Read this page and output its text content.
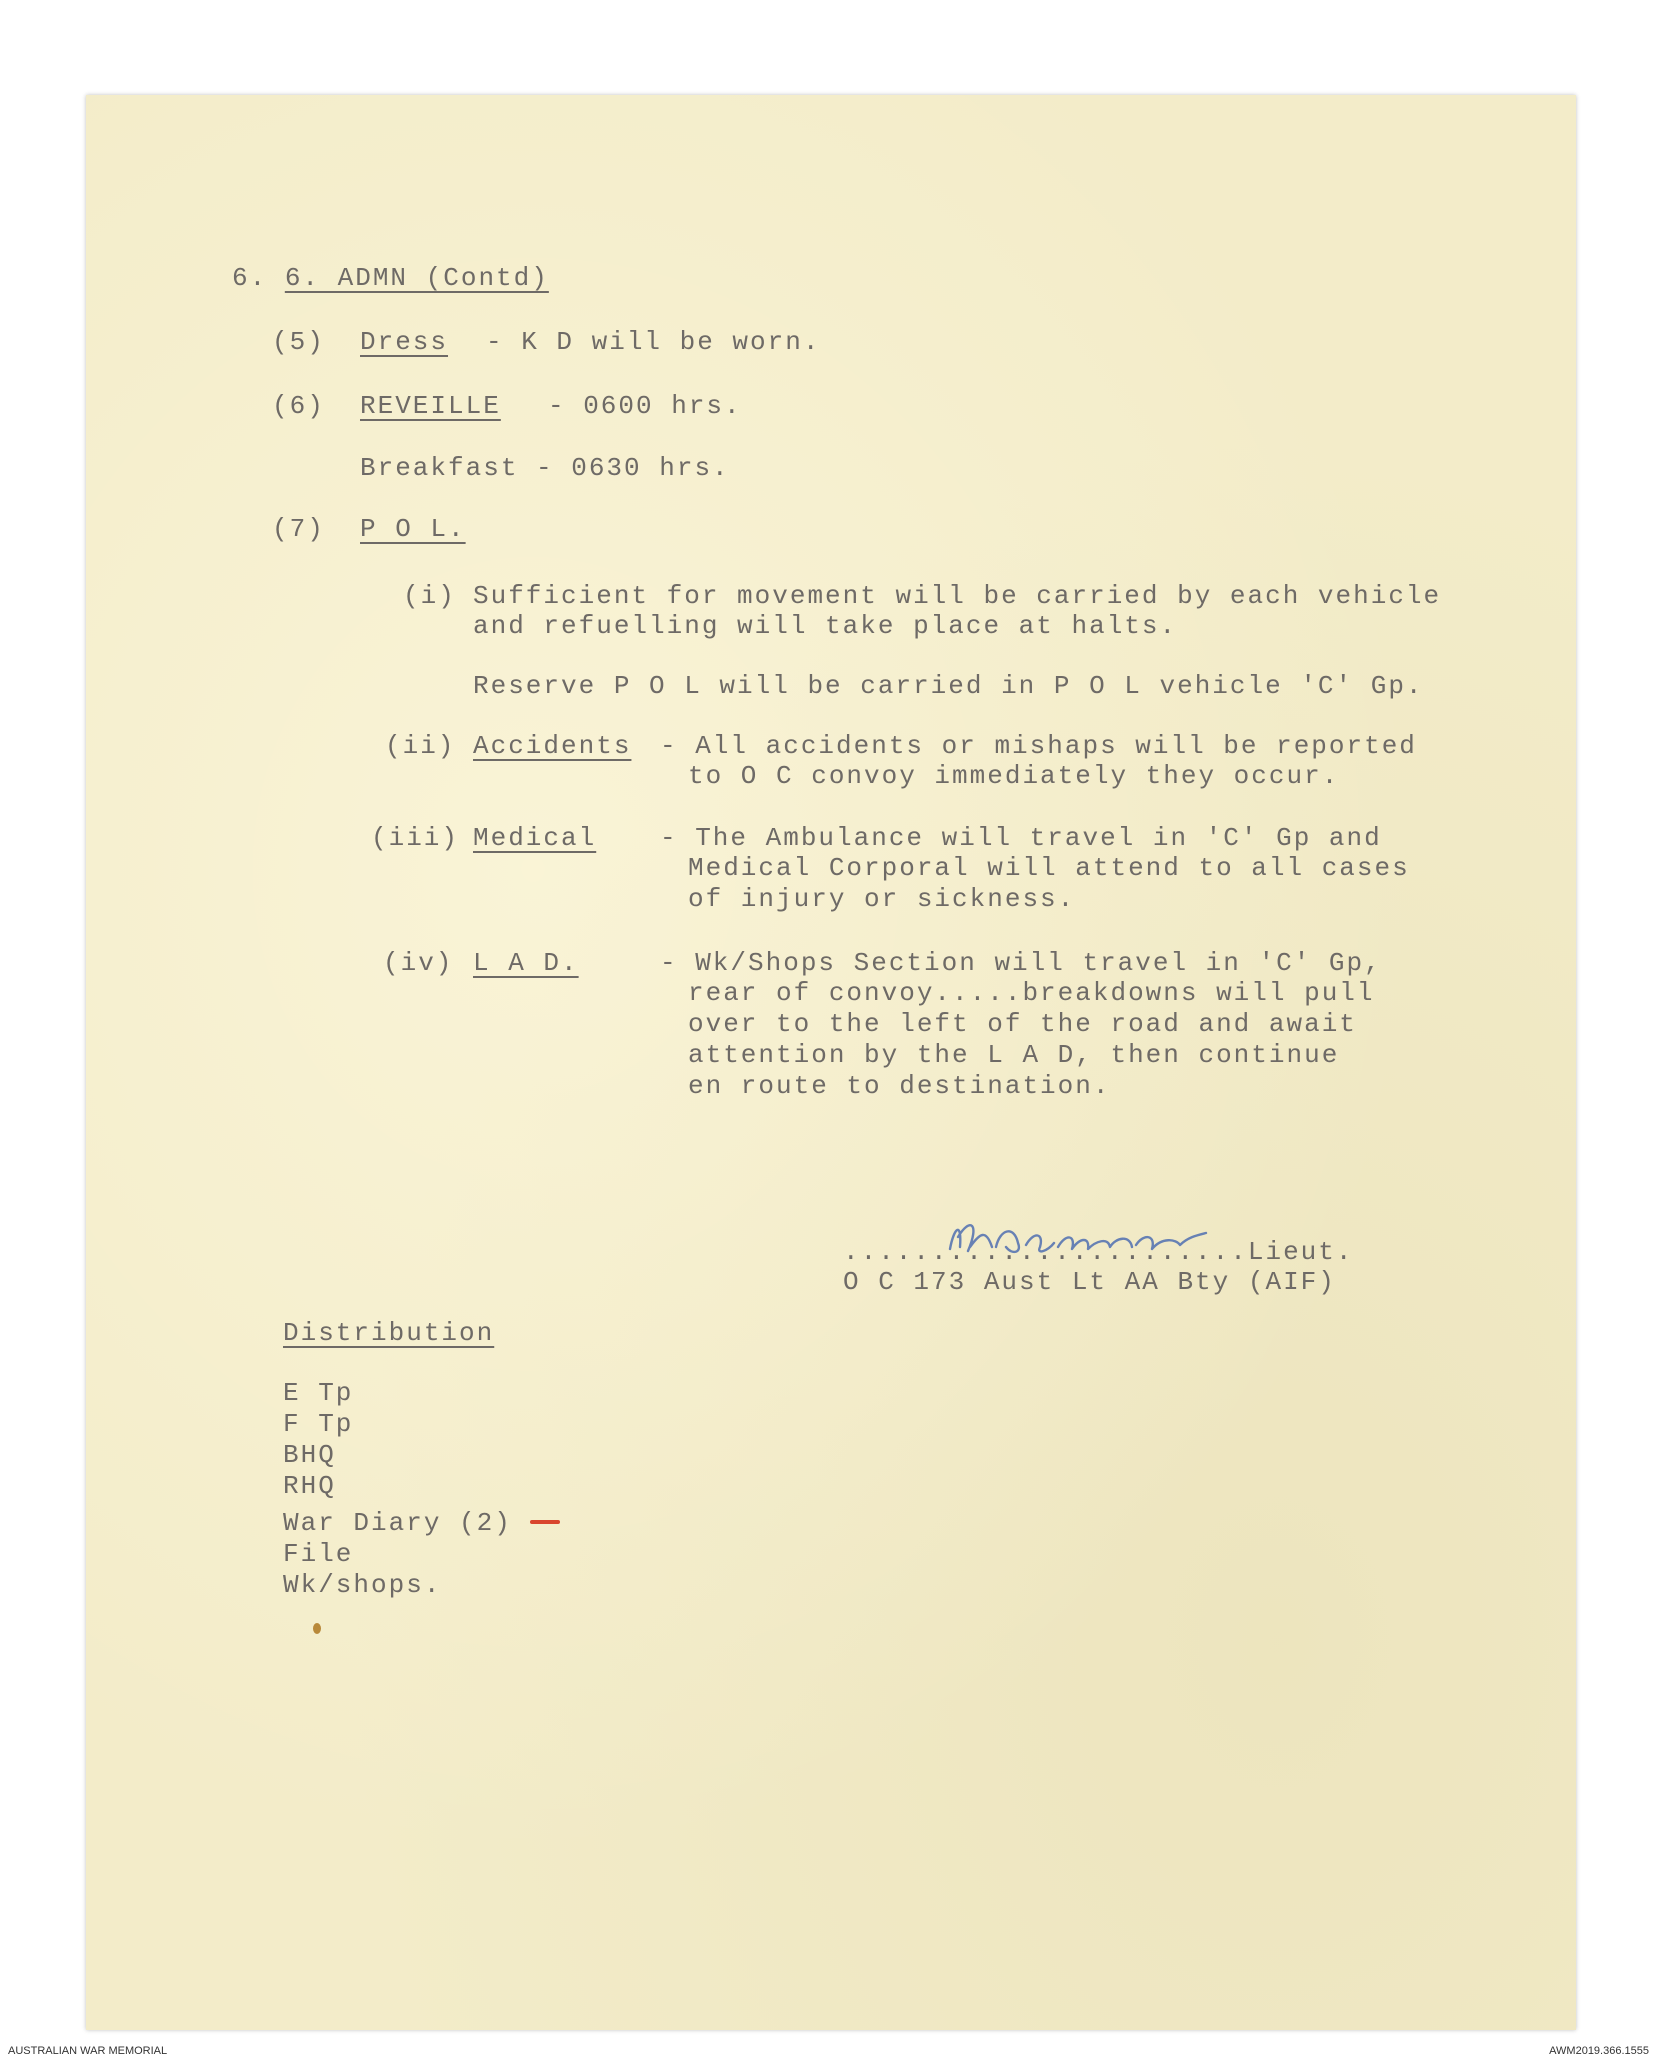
6. 6. ADMN (Contd)
(5) Dress - K D will be worn.
(6) REVEILLE - 0600 hrs.
Breakfast - 0630 hrs.
(7) P O L.
(i) Sufficient for movement will be carried by each vehicle
and refuelling will take place at halts.
Reserve P O L will be carried in P O L vehicle 'C' Gp.
(ii) Accidents - All accidents or mishaps will be reported
to O C convoy immediately they occur.
(iii) Medical - The Ambulance will travel in 'C' Gp and
Medical Corporal will attend to all cases
of injury or sickness.
(iv) L A D.	- Wk/Shops Section will travel in 'C' Gp,
rear of convoy.....breakdowns will pull
over to the left of the road and await
attention by the L A D, then continue
en route to destination.
.......................Lieut.
O C 173 Aust Lt AA Bty (AIF)
Distribution
E Tp
F Tp
BHQ
RHQ
War Diary (2)
File
Wk/shops.
AUSTRALIAN WAR MEMORIAL	AWM2019.366.1555
